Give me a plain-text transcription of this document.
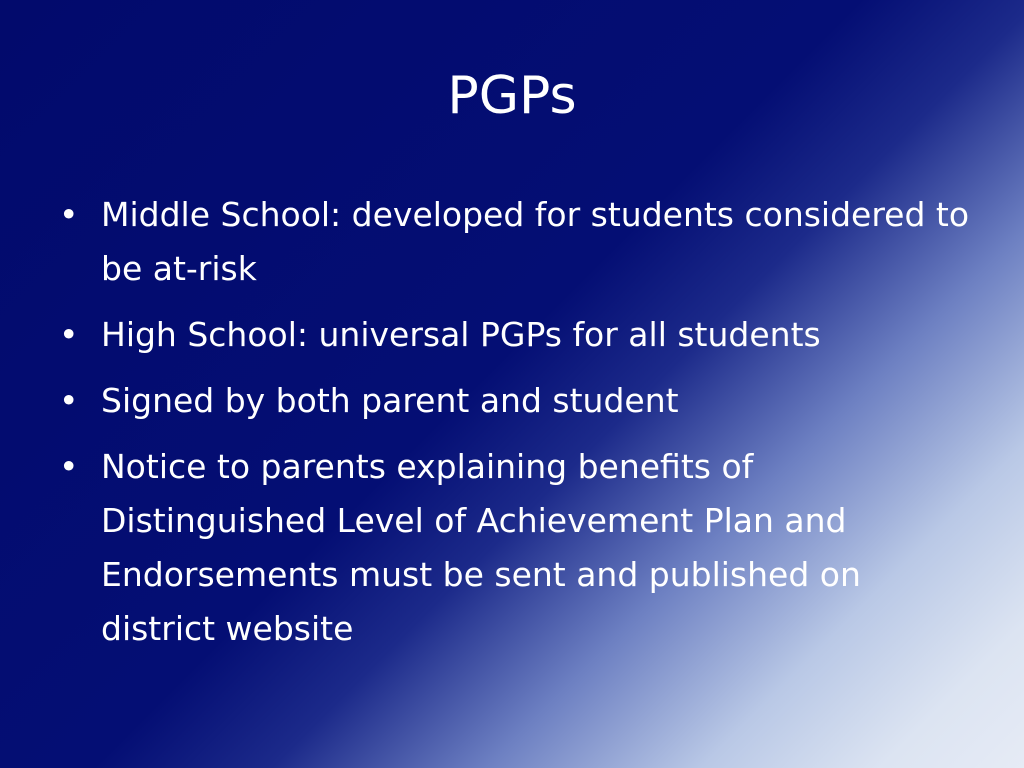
PGPs
• Middle School: developed for students considered to be at-risk
• High School: universal PGPs for all students
• Signed by both parent and student
• Notice to parents explaining benefits of Distinguished Level of Achievement Plan and Endorsements must be sent and published on district website
